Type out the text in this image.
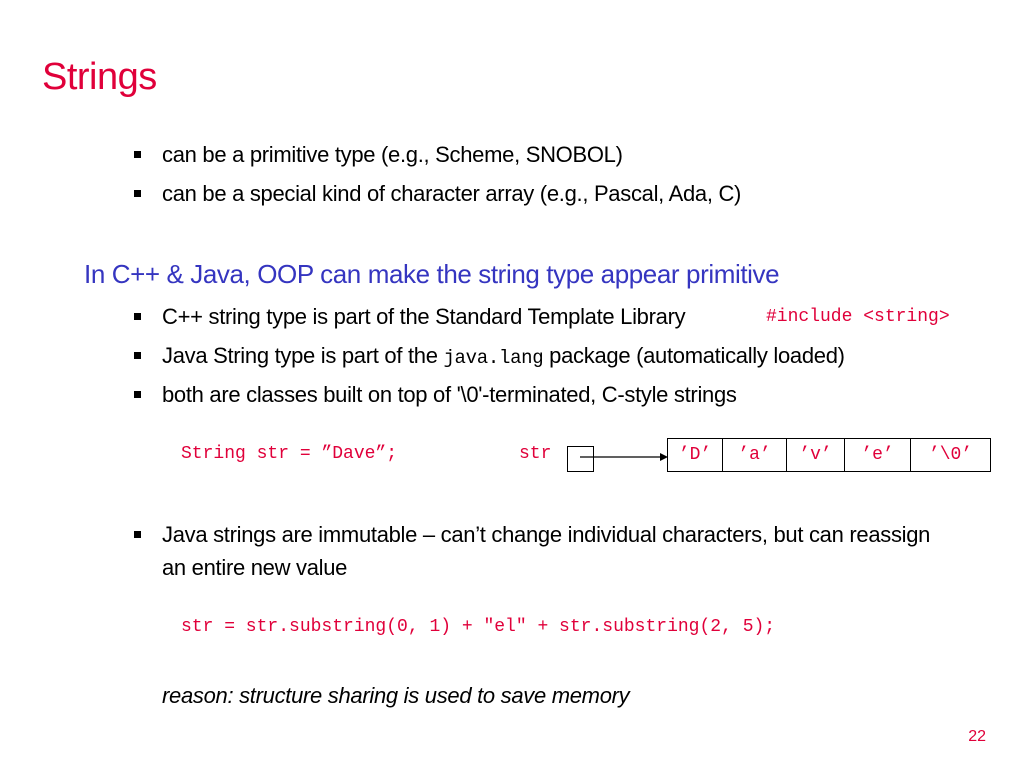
Strings
can be a primitive type (e.g., Scheme, SNOBOL)
can be a special kind of character array (e.g., Pascal, Ada, C)
In C++ & Java, OOP can make the string type appear primitive
C++ string type is part of the Standard Template Library	#include <string>
Java String type is part of the java.lang package (automatically loaded)
both are classes built on top of '\0'-terminated, C-style strings
String str = ”Dave”;	str	’D’	’a’	’v’	’e’	’\0’
Java strings are immutable – can’t change individual characters, but can reassign
an entire new value
str = str.substring(0, 1) + "el" + str.substring(2, 5);
reason: structure sharing is used to save memory
22
